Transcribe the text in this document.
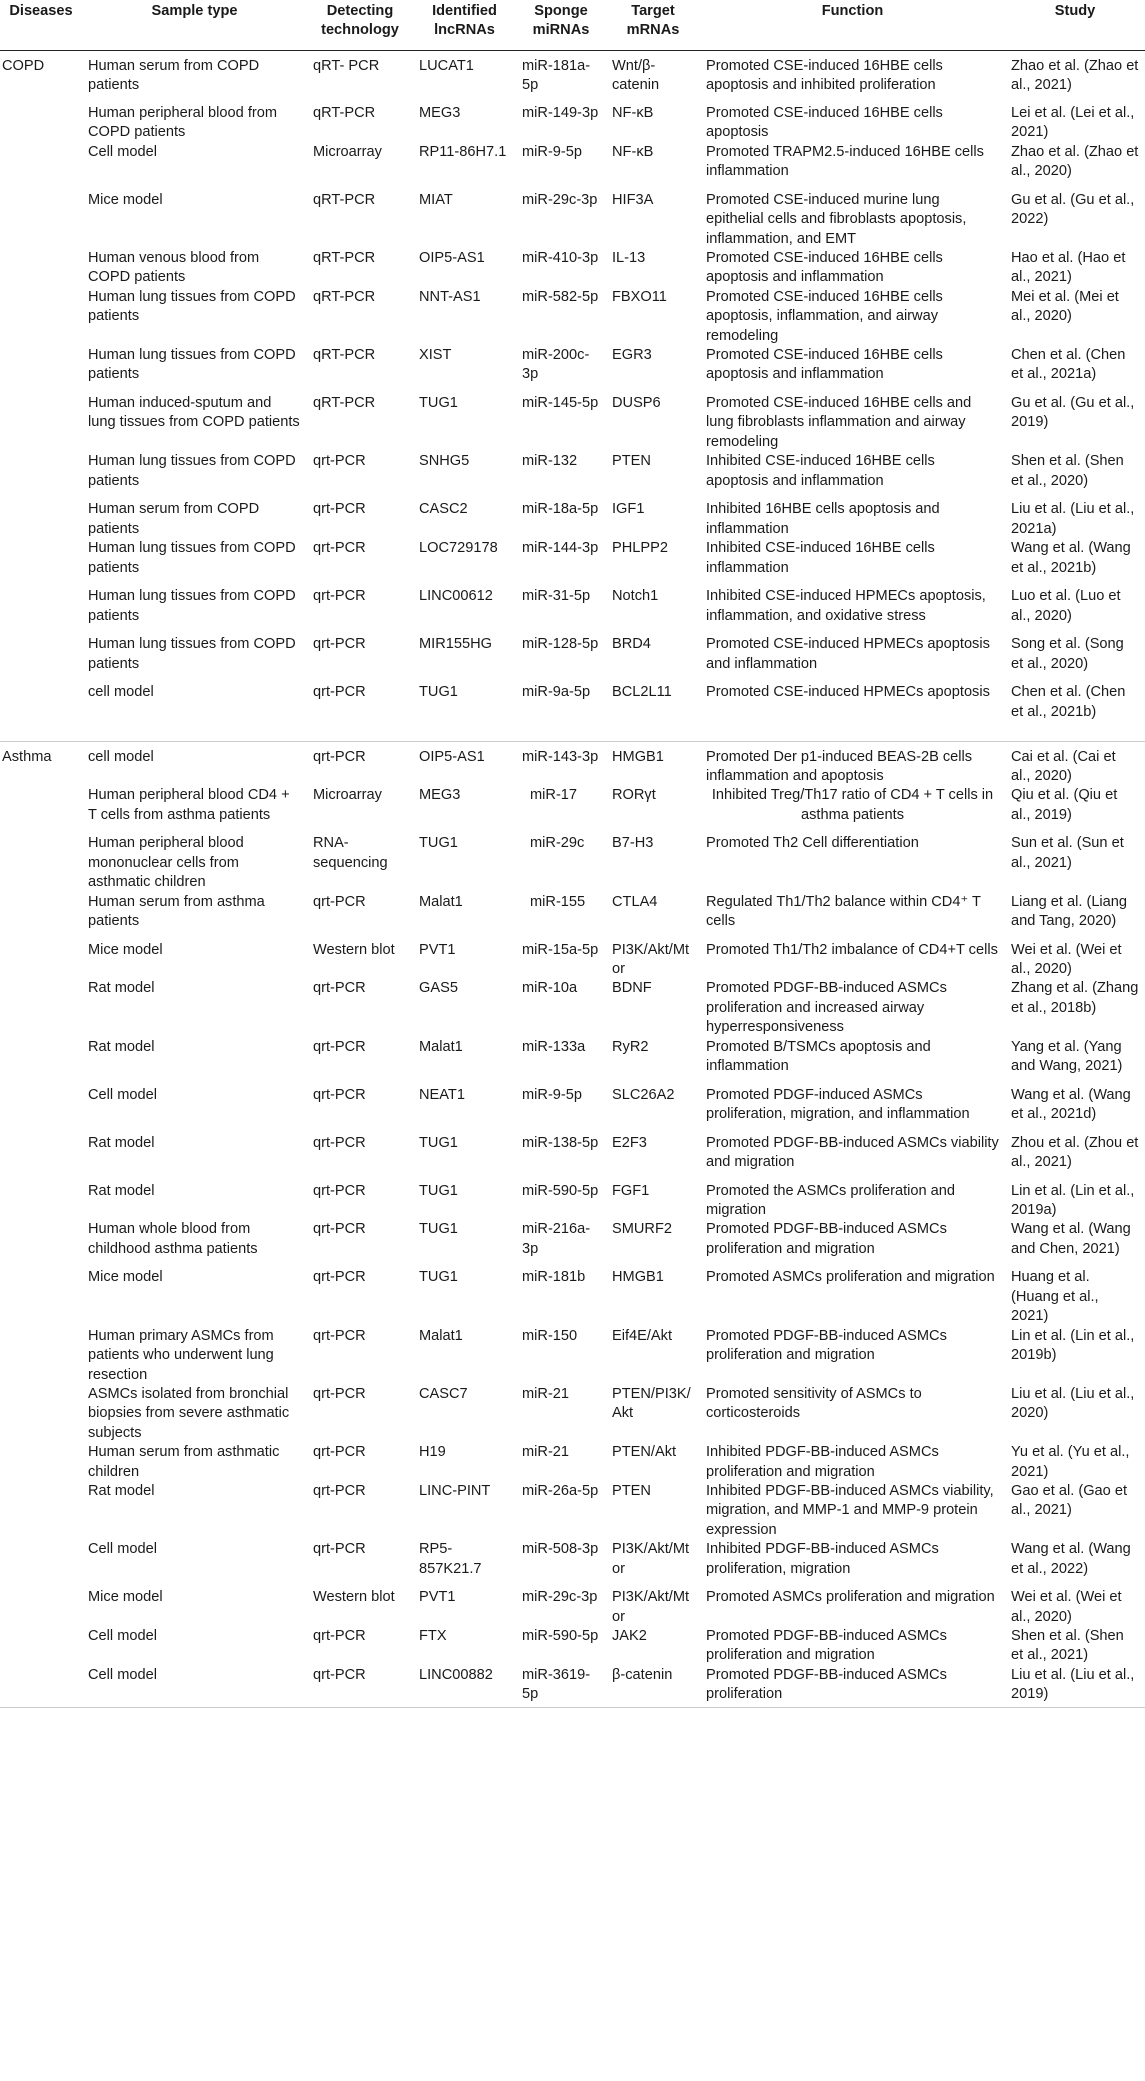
Diseases	Sample type	Detecting technology	Identified lncRNAs	Sponge miRNAs	Target mRNAs	Function	Study
COPD	Human serum from COPD patients	qRT- PCR	LUCAT1	miR-181a-5p	Wnt/β-catenin	Promoted CSE-induced 16HBE cells apoptosis and inhibited proliferation	Zhao et al. (Zhao et al., 2021)
	Human peripheral blood from COPD patients	qRT-PCR	MEG3	miR-149-3p	NF-κB	Promoted CSE-induced 16HBE cells apoptosis	Lei et al. (Lei et al., 2021)
	Cell model	Microarray	RP11-86H7.1	miR-9-5p	NF-κB	Promoted TRAPM2.5-induced 16HBE cells inflammation	Zhao et al. (Zhao et al., 2020)
	Mice model	qRT-PCR	MIAT	miR-29c-3p	HIF3A	Promoted CSE-induced murine lung epithelial cells and fibroblasts apoptosis, inflammation, and EMT	Gu et al. (Gu et al., 2022)
	Human venous blood from COPD patients	qRT-PCR	OIP5-AS1	miR-410-3p	IL-13	Promoted CSE-induced 16HBE cells apoptosis and inflammation	Hao et al. (Hao et al., 2021)
	Human lung tissues from COPD patients	qRT-PCR	NNT-AS1	miR-582-5p	FBXO11	Promoted CSE-induced 16HBE cells apoptosis, inflammation, and airway remodeling	Mei et al. (Mei et al., 2020)
	Human lung tissues from COPD patients	qRT-PCR	XIST	miR-200c-3p	EGR3	Promoted CSE-induced 16HBE cells apoptosis and inflammation	Chen et al. (Chen et al., 2021a)
	Human induced-sputum and lung tissues from COPD patients	qRT-PCR	TUG1	miR-145-5p	DUSP6	Promoted CSE-induced 16HBE cells and lung fibroblasts inflammation and airway remodeling	Gu et al. (Gu et al., 2019)
	Human lung tissues from COPD patients	qrt-PCR	SNHG5	miR-132	PTEN	Inhibited CSE-induced 16HBE cells apoptosis and inflammation	Shen et al. (Shen et al., 2020)
	Human serum from COPD patients	qrt-PCR	CASC2	miR-18a-5p	IGF1	Inhibited 16HBE cells apoptosis and inflammation	Liu et al. (Liu et al., 2021a)
	Human lung tissues from COPD patients	qrt-PCR	LOC729178	miR-144-3p	PHLPP2	Inhibited CSE-induced 16HBE cells inflammation	Wang et al. (Wang et al., 2021b)
	Human lung tissues from COPD patients	qrt-PCR	LINC00612	miR-31-5p	Notch1	Inhibited CSE-induced HPMECs apoptosis, inflammation, and oxidative stress	Luo et al. (Luo et al., 2020)
	Human lung tissues from COPD patients	qrt-PCR	MIR155HG	miR-128-5p	BRD4	Promoted CSE-induced HPMECs apoptosis and inflammation	Song et al. (Song et al., 2020)
	cell model	qrt-PCR	TUG1	miR-9a-5p	BCL2L11	Promoted CSE-induced HPMECs apoptosis	Chen et al. (Chen et al., 2021b)
Asthma	cell model	qrt-PCR	OIP5-AS1	miR-143-3p	HMGB1	Promoted Der p1-induced BEAS-2B cells inflammation and apoptosis	Cai et al. (Cai et al., 2020)
	Human peripheral blood CD4 + T cells from asthma patients	Microarray	MEG3	miR-17	RORγt	Inhibited Treg/Th17 ratio of CD4 + T cells in asthma patients	Qiu et al. (Qiu et al., 2019)
	Human peripheral blood mononuclear cells from asthmatic children	RNA-sequencing	TUG1	miR-29c	B7-H3	Promoted Th2 Cell differentiation	Sun et al. (Sun et al., 2021)
	Human serum from asthma patients	qrt-PCR	Malat1	miR-155	CTLA4	Regulated Th1/Th2 balance within CD4⁺ T cells	Liang et al. (Liang and Tang, 2020)
	Mice model	Western blot	PVT1	miR-15a-5p	PI3K/Akt/Mtor	Promoted Th1/Th2 imbalance of CD4+T cells	Wei et al. (Wei et al., 2020)
	Rat model	qrt-PCR	GAS5	miR-10a	BDNF	Promoted PDGF-BB-induced ASMCs proliferation and increased airway hyperresponsiveness	Zhang et al. (Zhang et al., 2018b)
	Rat model	qrt-PCR	Malat1	miR-133a	RyR2	Promoted B/TSMCs apoptosis and inflammation	Yang et al. (Yang and Wang, 2021)
	Cell model	qrt-PCR	NEAT1	miR-9-5p	SLC26A2	Promoted PDGF-induced ASMCs proliferation, migration, and inflammation	Wang et al. (Wang et al., 2021d)
	Rat model	qrt-PCR	TUG1	miR-138-5p	E2F3	Promoted PDGF-BB-induced ASMCs viability and migration	Zhou et al. (Zhou et al., 2021)
	Rat model	qrt-PCR	TUG1	miR-590-5p	FGF1	Promoted the ASMCs proliferation and migration	Lin et al. (Lin et al., 2019a)
	Human whole blood from childhood asthma patients	qrt-PCR	TUG1	miR-216a-3p	SMURF2	Promoted PDGF-BB-induced ASMCs proliferation and migration	Wang et al. (Wang and Chen, 2021)
	Mice model	qrt-PCR	TUG1	miR-181b	HMGB1	Promoted ASMCs proliferation and migration	Huang et al. (Huang et al., 2021)
	Human primary ASMCs from patients who underwent lung resection	qrt-PCR	Malat1	miR-150	Eif4E/Akt	Promoted PDGF-BB-induced ASMCs proliferation and migration	Lin et al. (Lin et al., 2019b)
	ASMCs isolated from bronchial biopsies from severe asthmatic subjects	qrt-PCR	CASC7	miR-21	PTEN/PI3K/Akt	Promoted sensitivity of ASMCs to corticosteroids	Liu et al. (Liu et al., 2020)
	Human serum from asthmatic children	qrt-PCR	H19	miR-21	PTEN/Akt	Inhibited PDGF-BB-induced ASMCs proliferation and migration	Yu et al. (Yu et al., 2021)
	Rat model	qrt-PCR	LINC-PINT	miR-26a-5p	PTEN	Inhibited PDGF-BB-induced ASMCs viability, migration, and MMP-1 and MMP-9 protein expression	Gao et al. (Gao et al., 2021)
	Cell model	qrt-PCR	RP5-857K21.7	miR-508-3p	PI3K/Akt/Mtor	Inhibited PDGF-BB-induced ASMCs proliferation, migration	Wang et al. (Wang et al., 2022)
	Mice model	Western blot	PVT1	miR-29c-3p	PI3K/Akt/Mtor	Promoted ASMCs proliferation and migration	Wei et al. (Wei et al., 2020)
	Cell model	qrt-PCR	FTX	miR-590-5p	JAK2	Promoted PDGF-BB-induced ASMCs proliferation and migration	Shen et al. (Shen et al., 2021)
	Cell model	qrt-PCR	LINC00882	miR-3619-5p	β-catenin	Promoted PDGF-BB-induced ASMCs proliferation	Liu et al. (Liu et al., 2019)
